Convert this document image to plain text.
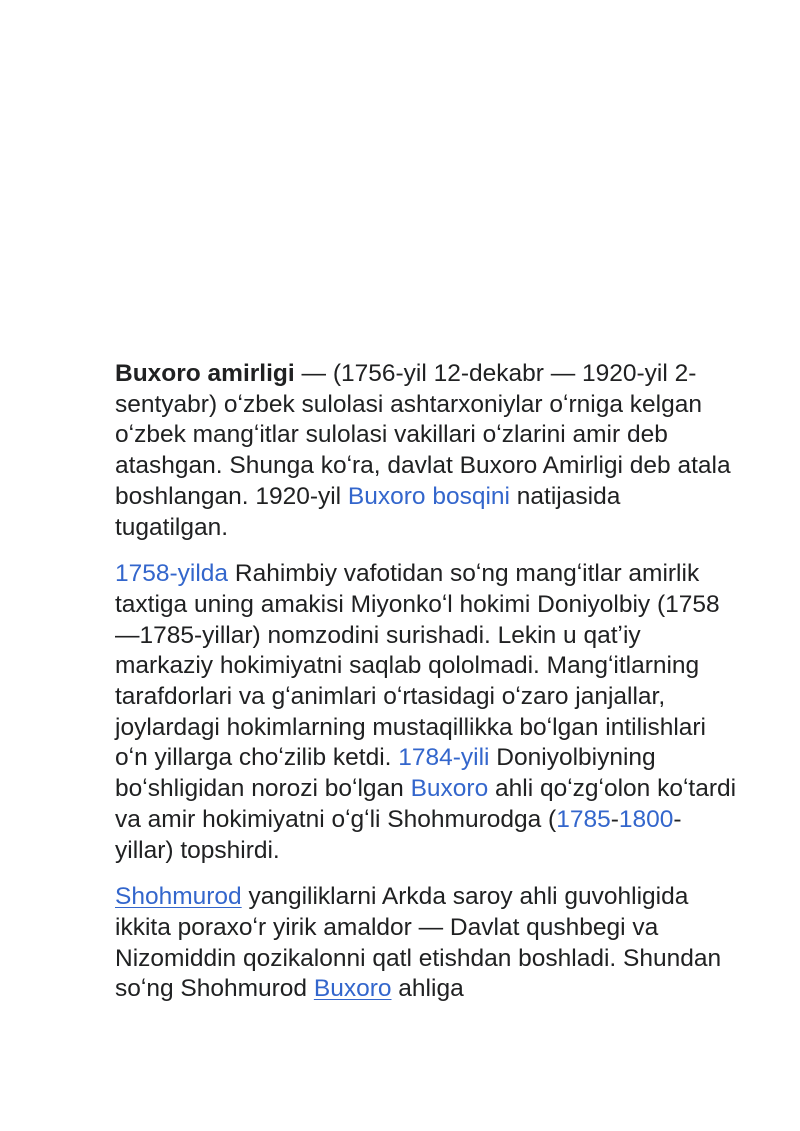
Buxoro amirligi — (1756-yil 12-dekabr — 1920-yil 2-sentyabr) oʻzbek sulolasi ashtarxoniylar oʻrniga kelgan oʻzbek mangʻitlar sulolasi vakillari oʻzlarini amir deb atashgan. Shunga koʻra, davlat Buxoro Amirligi deb atala boshlangan. 1920-yil Buxoro bosqini natijasida tugatilgan.

1758-yilda Rahimbiy vafotidan soʻng mangʻitlar amirlik taxtiga uning amakisi Miyonkoʻl hokimi Doniyolbiy (1758—1785-yillar) nomzodini surishadi. Lekin u qatʼiy markaziy hokimiyatni saqlab qololmadi. Mangʻitlarning tarafdorlari va gʻanimlari oʻrtasidagi oʻzaro janjallar, joylardagi hokimlarning mustaqillikka boʻlgan intilishlari oʻn yillarga choʻzilib ketdi. 1784-yili Doniyolbiyning boʻshligidan norozi boʻlgan Buxoro ahli qoʻzgʻolon koʻtardi va amir hokimiyatni oʻgʻli Shohmurodga (1785-1800-yillar) topshirdi.

Shohmurod yangiliklarni Arkda saroy ahli guvohligida ikkita poraxoʻr yirik amaldor — Davlat qushbegi va Nizomiddin qozikalonni qatl etishdan boshladi. Shundan soʻng Shohmurod Buxoro ahliga
